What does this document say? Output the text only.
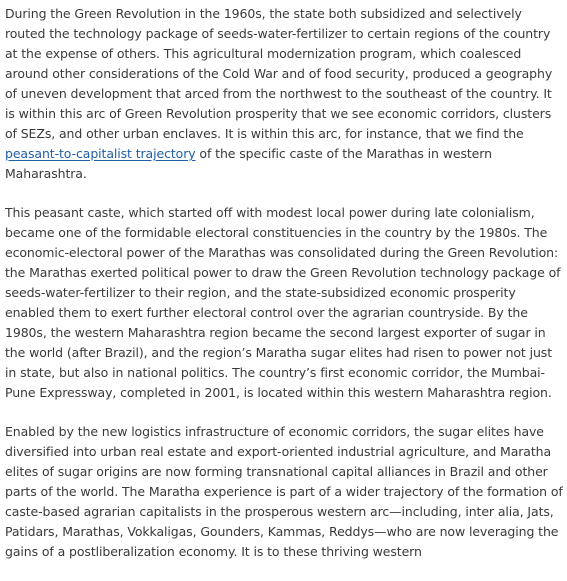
During the Green Revolution in the 1960s, the state both subsidized and selectively routed the technology package of seeds-water-fertilizer to certain regions of the country at the expense of others. This agricultural modernization program, which coalesced around other considerations of the Cold War and of food security, produced a geography of uneven development that arced from the northwest to the southeast of the country. It is within this arc of Green Revolution prosperity that we see economic corridors, clusters of SEZs, and other urban enclaves. It is within this arc, for instance, that we find the peasant-to-capitalist trajectory of the specific caste of the Marathas in western Maharashtra.

This peasant caste, which started off with modest local power during late colonialism, became one of the formidable electoral constituencies in the country by the 1980s. The economic-electoral power of the Marathas was consolidated during the Green Revolution: the Marathas exerted political power to draw the Green Revolution technology package of seeds-water-fertilizer to their region, and the state-subsidized economic prosperity enabled them to exert further electoral control over the agrarian countryside. By the 1980s, the western Maharashtra region became the second largest exporter of sugar in the world (after Brazil), and the region’s Maratha sugar elites had risen to power not just in state, but also in national politics. The country’s first economic corridor, the Mumbai-Pune Expressway, completed in 2001, is located within this western Maharashtra region.

Enabled by the new logistics infrastructure of economic corridors, the sugar elites have diversified into urban real estate and export-oriented industrial agriculture, and Maratha elites of sugar origins are now forming transnational capital alliances in Brazil and other parts of the world. The Maratha experience is part of a wider trajectory of the formation of caste-based agrarian capitalists in the prosperous western arc—including, inter alia, Jats, Patidars, Marathas, Vokkaligas, Gounders, Kammas, Reddys—who are now leveraging the gains of a postliberalization economy. It is to these thriving western
